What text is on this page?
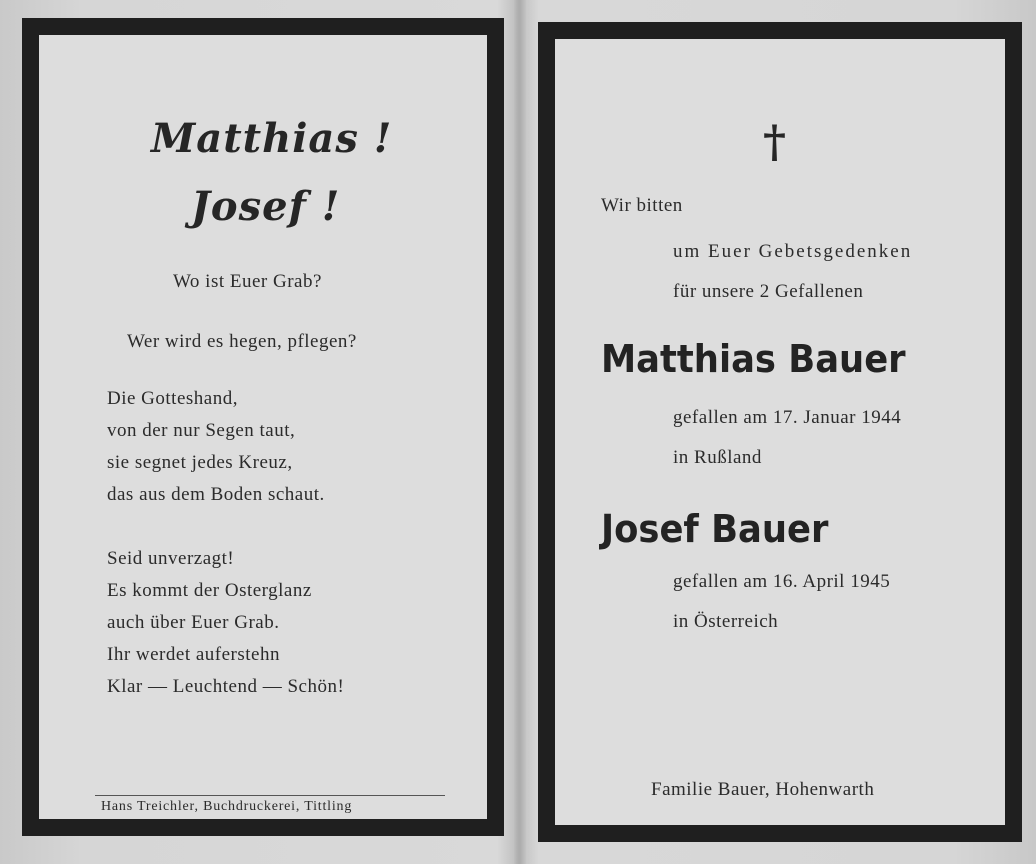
Matthias !
Josef !
Wo ist Euer Grab?
Wer wird es hegen, pflegen?
Die Gotteshand,
von der nur Segen taut,
sie segnet jedes Kreuz,
das aus dem Boden schaut.
Seid unverzagt!
Es kommt der Osterglanz
auch über Euer Grab.
Ihr werdet auferstehn
Klar — Leuchtend — Schön!
Hans Treichler, Buchdruckerei, Tittling
†
Wir bitten
um Euer Gebetsgedenken
für unsere 2 Gefallenen
Matthias Bauer
gefallen am 17. Januar 1944
in Rußland
Josef Bauer
gefallen am 16. April 1945
in Österreich
Familie Bauer, Hohenwarth
